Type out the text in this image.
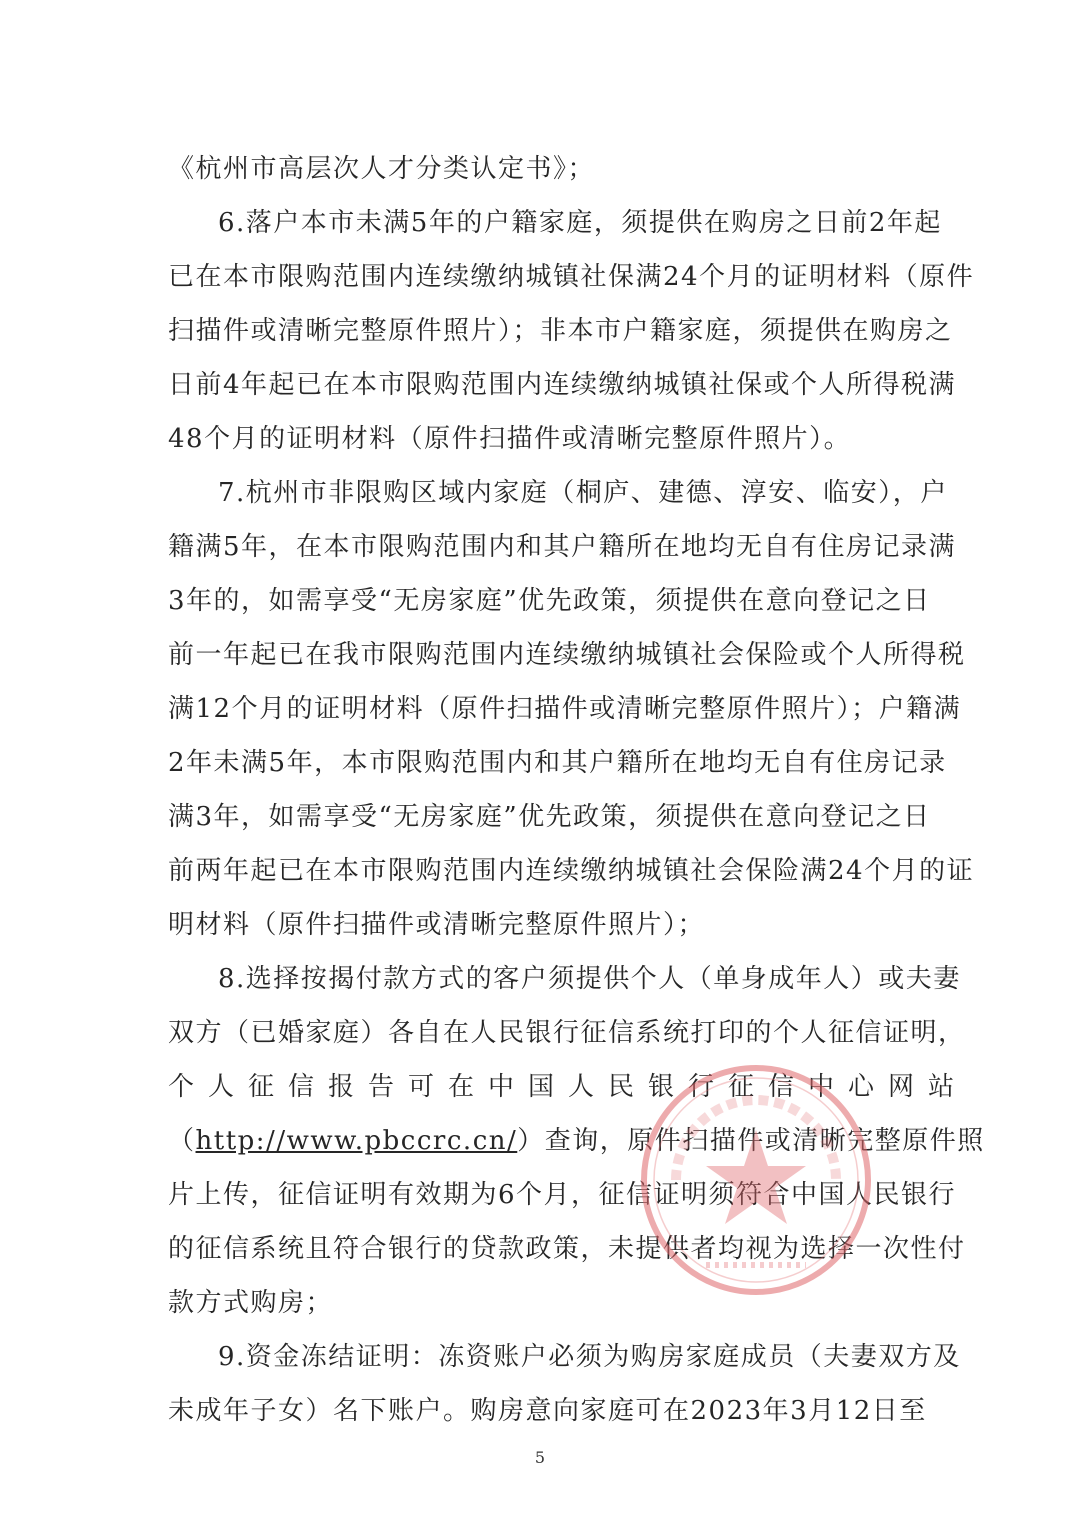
《杭州市高层次人才分类认定书》；
6.落户本市未满5年的户籍家庭，须提供在购房之日前2年起
已在本市限购范围内连续缴纳城镇社保满24个月的证明材料（原件
扫描件或清晰完整原件照片）；非本市户籍家庭，须提供在购房之
日前4年起已在本市限购范围内连续缴纳城镇社保或个人所得税满
48个月的证明材料（原件扫描件或清晰完整原件照片）。
7.杭州市非限购区域内家庭（桐庐、建德、淳安、临安），户
籍满5年，在本市限购范围内和其户籍所在地均无自有住房记录满
3年的，如需享受“无房家庭”优先政策，须提供在意向登记之日
前一年起已在我市限购范围内连续缴纳城镇社会保险或个人所得税
满12个月的证明材料（原件扫描件或清晰完整原件照片）；户籍满
2年未满5年，本市限购范围内和其户籍所在地均无自有住房记录
满3年，如需享受“无房家庭”优先政策，须提供在意向登记之日
前两年起已在本市限购范围内连续缴纳城镇社会保险满24个月的证
明材料（原件扫描件或清晰完整原件照片）；
8.选择按揭付款方式的客户须提供个人（单身成年人）或夫妻
双方（已婚家庭）各自在人民银行征信系统打印的个人征信证明，
个人征信报告可在中国人民银行征信中心网站
（http://www.pbccrc.cn/）查询，原件扫描件或清晰完整原件照
片上传，征信证明有效期为6个月，征信证明须符合中国人民银行
的征信系统且符合银行的贷款政策，未提供者均视为选择一次性付
款方式购房；
9.资金冻结证明：冻资账户必须为购房家庭成员（夫妻双方及
未成年子女）名下账户。购房意向家庭可在2023年3月12日至
5
